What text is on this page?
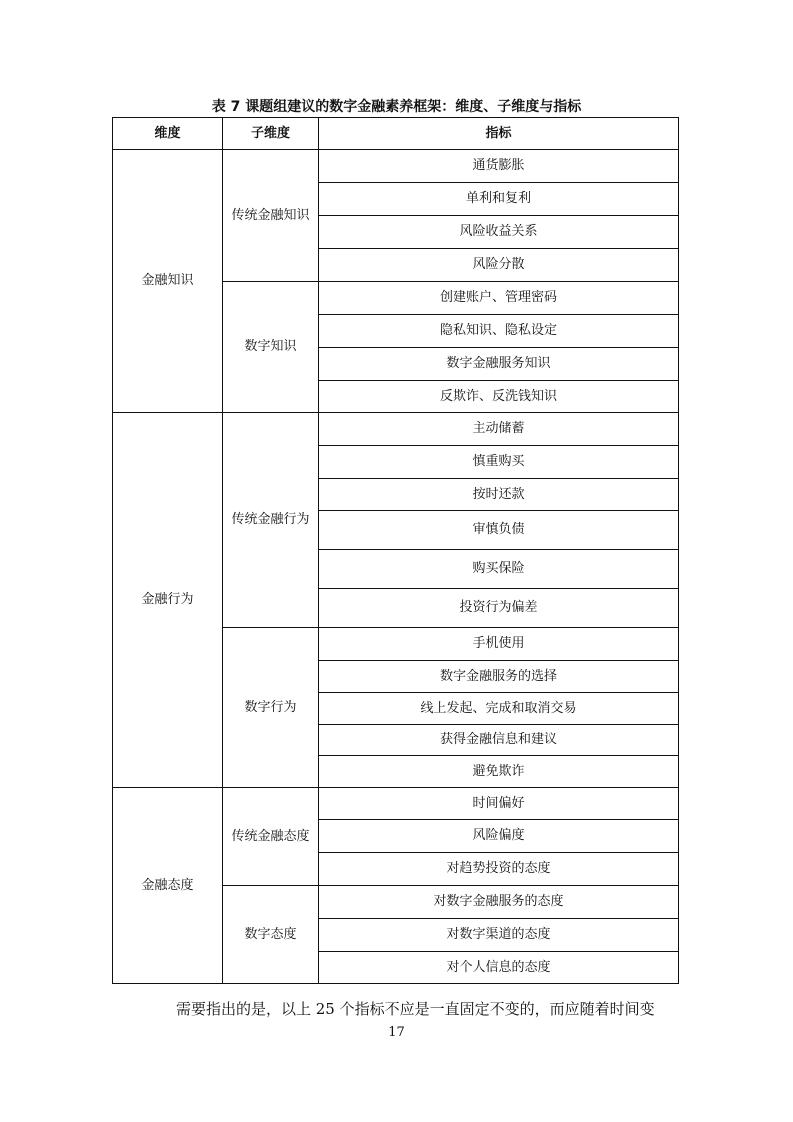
表 7 课题组建议的数字金融素养框架：维度、子维度与指标
维度	子维度	指标
金融知识	传统金融知识	通货膨胀
		单利和复利
		风险收益关系
		风险分散
	数字知识	创建账户、管理密码
		隐私知识、隐私设定
		数字金融服务知识
		反欺诈、反洗钱知识
金融行为	传统金融行为	主动储蓄
		慎重购买
		按时还款
		审慎负债
		购买保险
		投资行为偏差
	数字行为	手机使用
		数字金融服务的选择
		线上发起、完成和取消交易
		获得金融信息和建议
		避免欺诈
金融态度	传统金融态度	时间偏好
		风险偏度
		对趋势投资的态度
	数字态度	对数字金融服务的态度
		对数字渠道的态度
		对个人信息的态度
需要指出的是，以上 25 个指标不应是一直固定不变的，而应随着时间变
17
